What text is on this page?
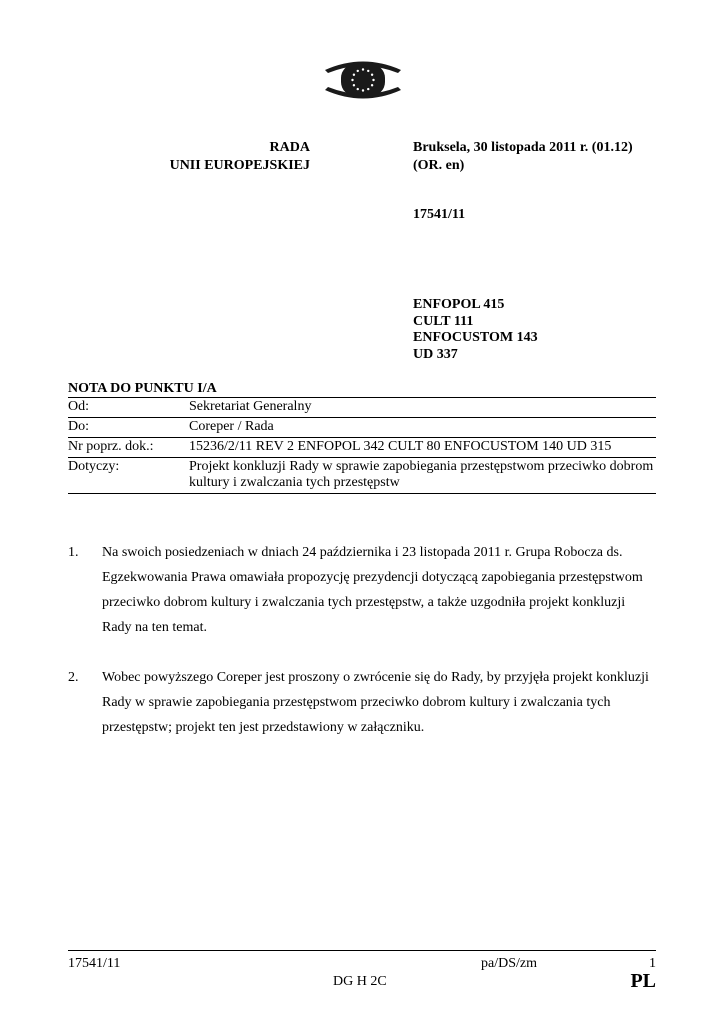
RADA
UNII EUROPEJSKIEJ
Bruksela, 30 listopada 2011 r. (01.12)
(OR. en)
17541/11
ENFOPOL 415
CULT 111
ENFOCUSTOM 143
UD 337
NOTA DO PUNKTU I/A
Od:	Sekretariat Generalny
Do:	Coreper / Rada
Nr poprz. dok.:	15236/2/11 REV 2 ENFOPOL 342 CULT 80 ENFOCUSTOM 140 UD 315
Dotyczy:	Projekt konkluzji Rady w sprawie zapobiegania przestępstwom przeciwko dobrom kultury i zwalczania tych przestępstw
1.	Na swoich posiedzeniach w dniach 24 października i 23 listopada 2011 r. Grupa Robocza ds. Egzekwowania Prawa omawiała propozycję prezydencji dotyczącą zapobiegania przestępstwom przeciwko dobrom kultury i zwalczania tych przestępstw, a także uzgodniła projekt konkluzji Rady na ten temat.
2.	Wobec powyższego Coreper jest proszony o zwrócenie się do Rady, by przyjęła projekt konkluzji Rady w sprawie zapobiegania przestępstwom przeciwko dobrom kultury i zwalczania tych przestępstw; projekt ten jest przedstawiony w załączniku.
17541/11	pa/DS/zm	1
DG H 2C	PL
